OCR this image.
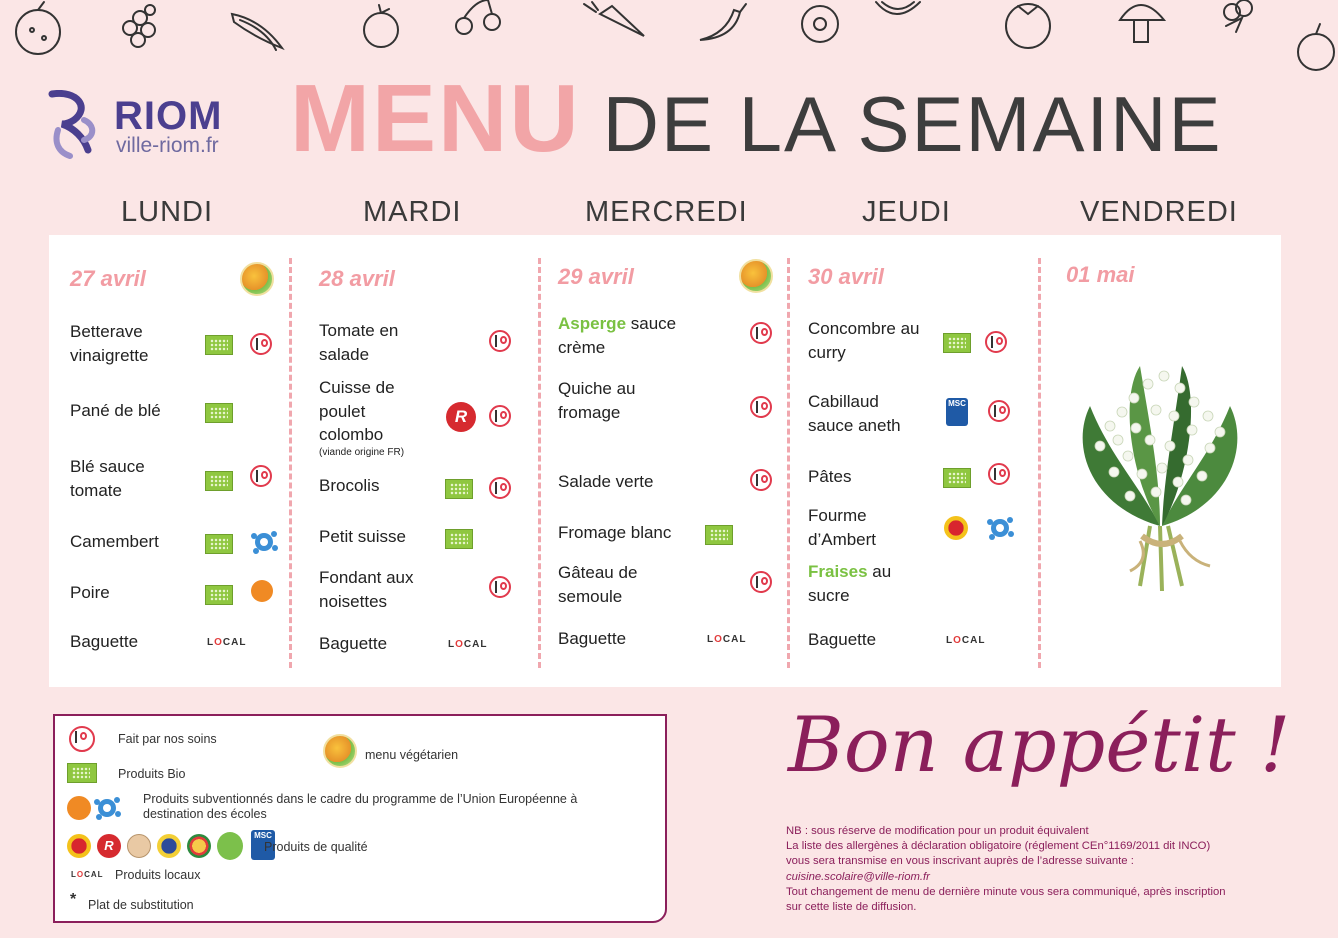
RIOM
ville-riom.fr MENU DE LA SEMAINE
LUNDI	MARDI	MERCREDI	JEUDI	VENDREDI
27 avril
Betterave vinaigrette
Pané de blé
Blé sauce tomate
Camembert
Poire
Baguette	LOCAL
28 avril
Tomate en salade
Cuisse de poulet colombo
(viande origine FR)
R
Brocolis
Petit suisse
Fondant aux noisettes
Baguette	LOCAL
29 avril
Asperge sauce crème
Quiche au fromage
Salade verte
Fromage blanc
Gâteau de semoule
Baguette	LOCAL
30 avril
Concombre au curry
Cabillaud sauce aneth
MSC
Pâtes
Fourme d’Ambert
Fraises au sucre
Baguette	LOCAL
01 mai
Fait par nos soins
menu végétarien
Produits Bio
Produits subventionnés dans le cadre du programme de l’Union Européenne à
destination des écoles
R
MSC
Produits de qualité
LOCAL Produits locaux
* Plat de substitution
Bon appétit !
NB : sous réserve de modification pour un produit équivalent
La liste des allergènes à déclaration obligatoire (réglement CEn°1169/2011 dit INCO)
vous sera transmise en vous inscrivant auprès de l’adresse suivante :
cuisine.scolaire@ville-riom.fr
Tout changement de menu de dernière minute vous sera communiqué, après inscription
sur cette liste de diffusion.
